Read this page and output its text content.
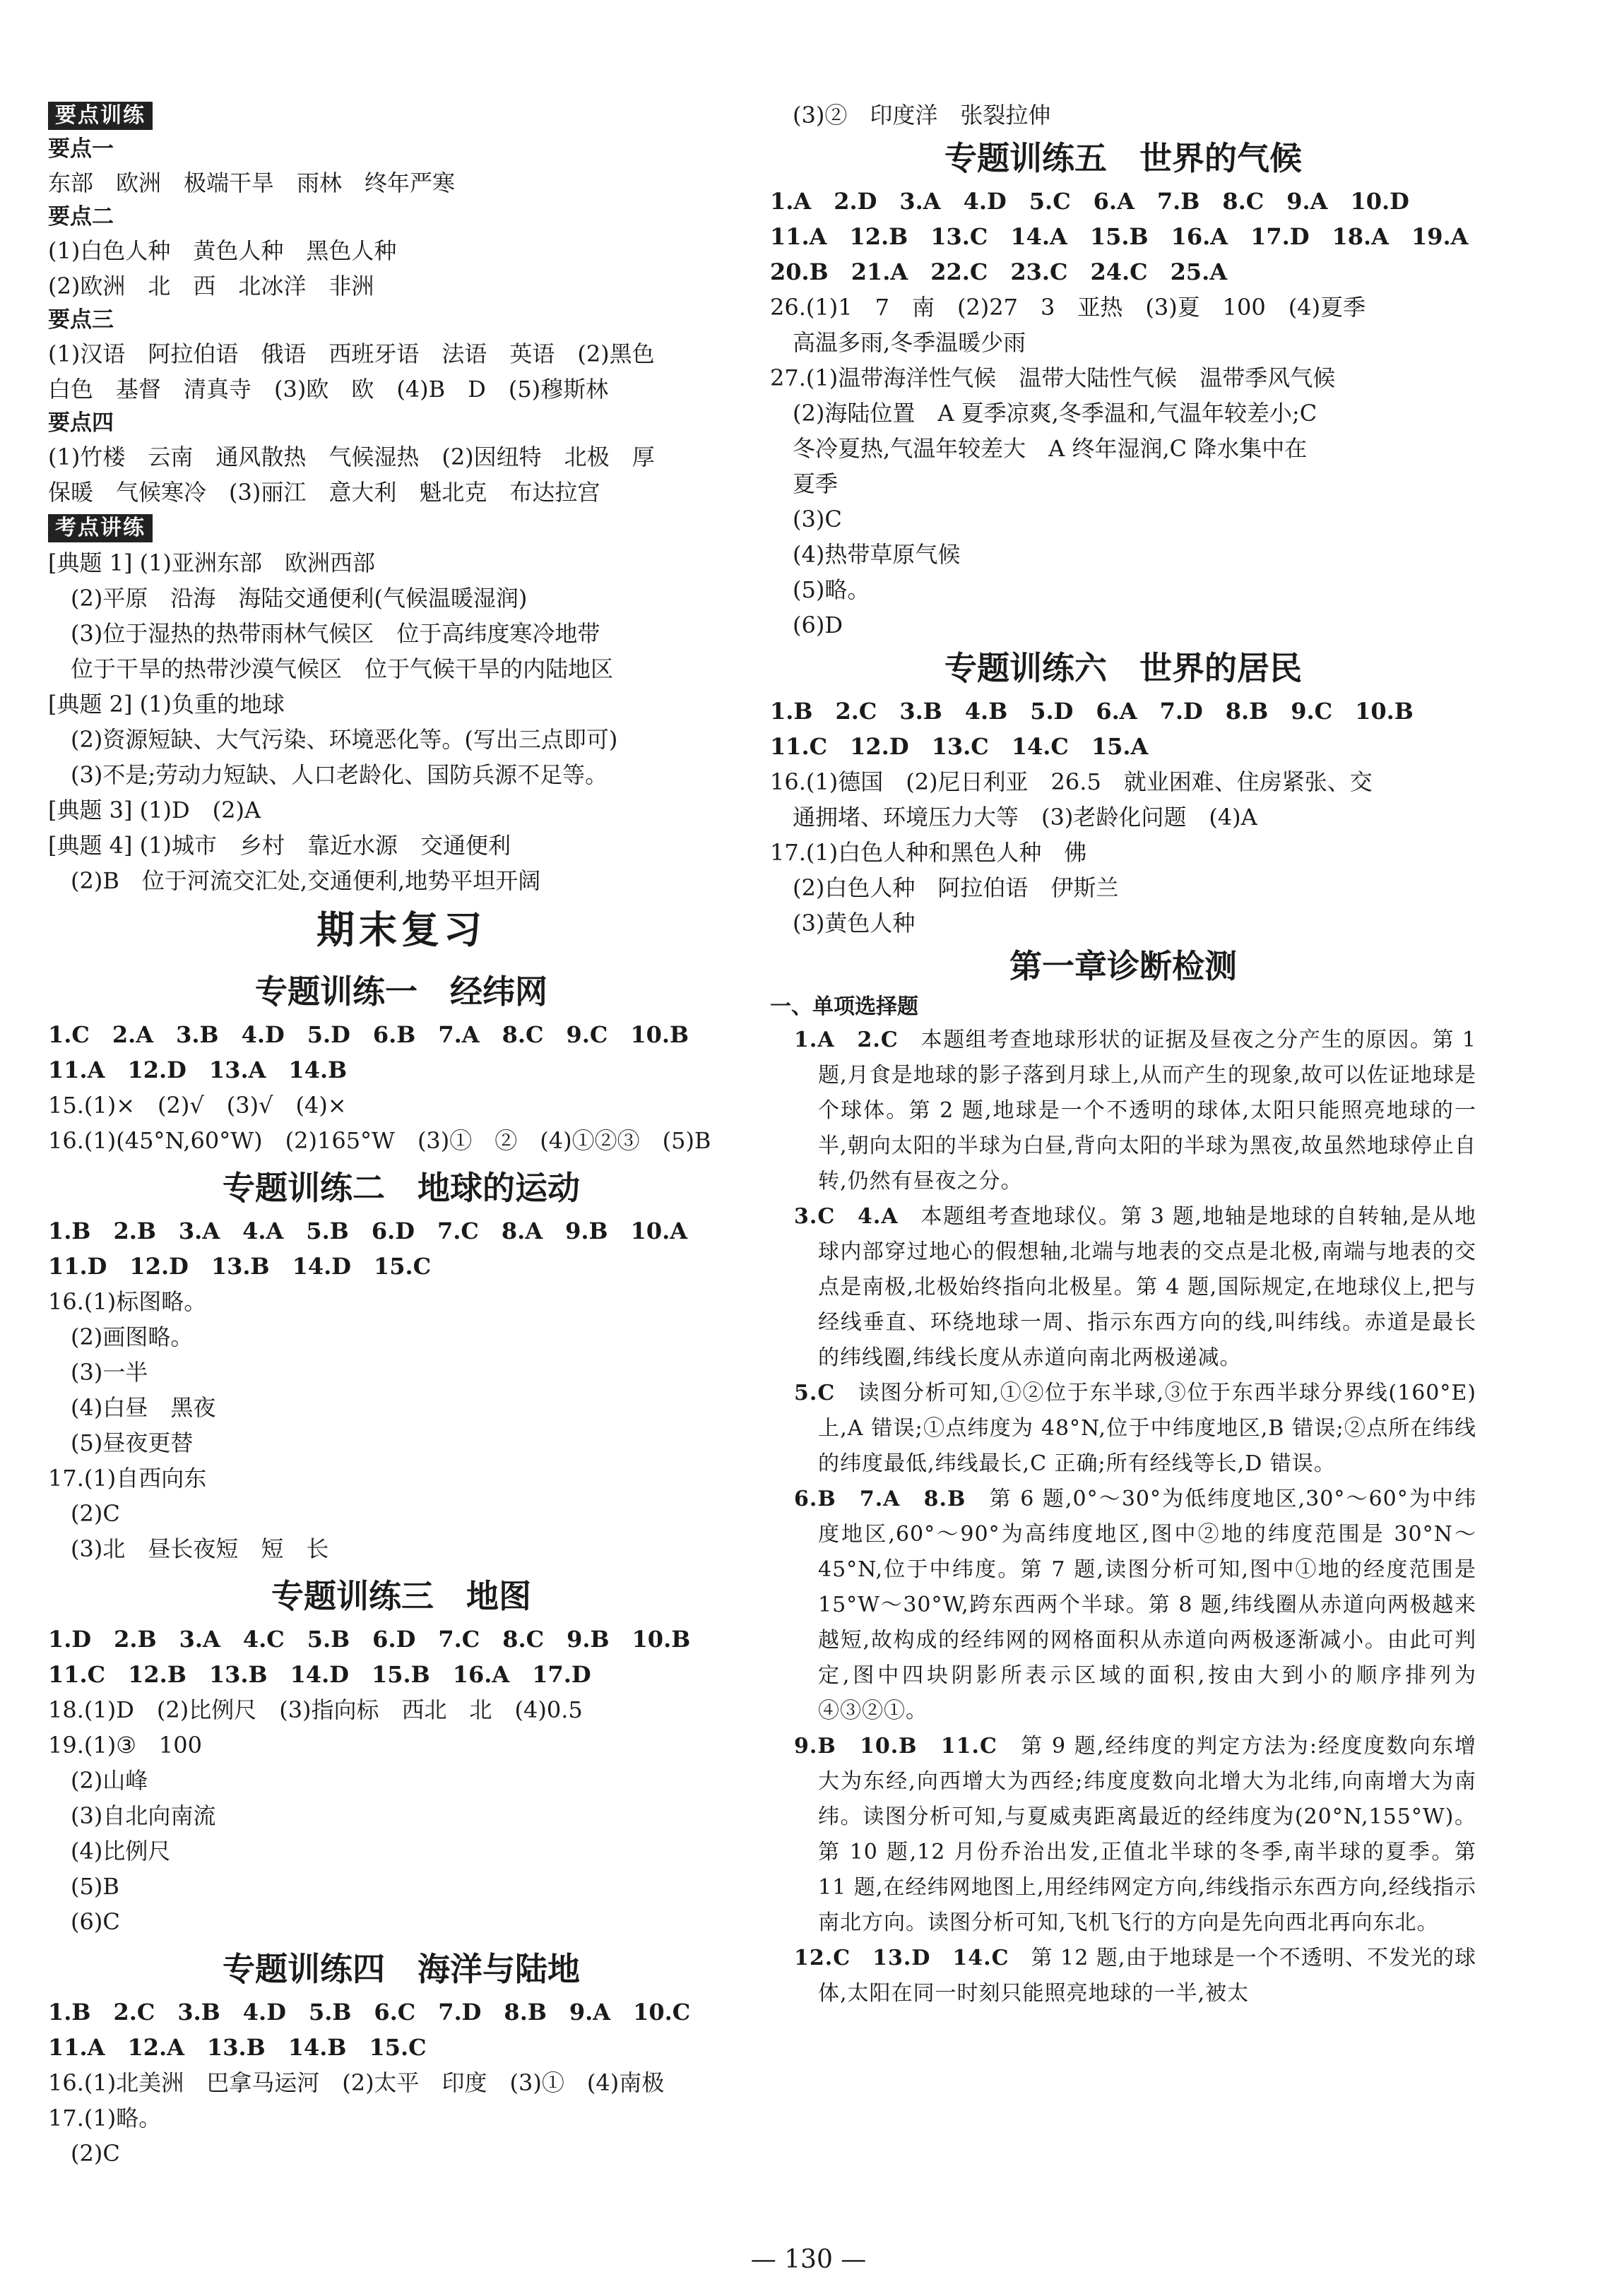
要点训练
要点一
东部　欧洲　极端干旱　雨林　终年严寒
要点二
(1)白色人种　黄色人种　黑色人种
(2)欧洲　北　西　北冰洋　非洲
要点三
(1)汉语　阿拉伯语　俄语　西班牙语　法语　英语　(2)黑色
白色　基督　清真寺　(3)欧　欧　(4)B　D　(5)穆斯林
要点四
(1)竹楼　云南　通风散热　气候湿热　(2)因纽特　北极　厚
保暖　气候寒冷　(3)丽江　意大利　魁北克　布达拉宫
考点讲练
[典题 1] (1)亚洲东部　欧洲西部
(2)平原　沿海　海陆交通便利(气候温暖湿润)
(3)位于湿热的热带雨林气候区　位于高纬度寒冷地带
位于干旱的热带沙漠气候区　位于气候干旱的内陆地区
[典题 2] (1)负重的地球
(2)资源短缺、大气污染、环境恶化等。(写出三点即可)
(3)不是;劳动力短缺、人口老龄化、国防兵源不足等。
[典题 3] (1)D　(2)A
[典题 4] (1)城市　乡村　靠近水源　交通便利
(2)B　位于河流交汇处,交通便利,地势平坦开阔
期末复习
专题训练一　经纬网
1.C　2.A　3.B　4.D　5.D　6.B　7.A　8.C　9.C　10.B
11.A　12.D　13.A　14.B
15.(1)×　(2)√　(3)√　(4)×
16.(1)(45°N,60°W)　(2)165°W　(3)①　②　(4)①②③　(5)B
专题训练二　地球的运动
1.B　2.B　3.A　4.A　5.B　6.D　7.C　8.A　9.B　10.A
11.D　12.D　13.B　14.D　15.C
16.(1)标图略。
(2)画图略。
(3)一半
(4)白昼　黑夜
(5)昼夜更替
17.(1)自西向东
(2)C
(3)北　昼长夜短　短　长
专题训练三　地图
1.D　2.B　3.A　4.C　5.B　6.D　7.C　8.C　9.B　10.B
11.C　12.B　13.B　14.D　15.B　16.A　17.D
18.(1)D　(2)比例尺　(3)指向标　西北　北　(4)0.5
19.(1)③　100
(2)山峰
(3)自北向南流
(4)比例尺
(5)B
(6)C
专题训练四　海洋与陆地
1.B　2.C　3.B　4.D　5.B　6.C　7.D　8.B　9.A　10.C
11.A　12.A　13.B　14.B　15.C
16.(1)北美洲　巴拿马运河　(2)太平　印度　(3)①　(4)南极
17.(1)略。
(2)C
(3)②　印度洋　张裂拉伸
专题训练五　世界的气候
1.A　2.D　3.A　4.D　5.C　6.A　7.B　8.C　9.A　10.D
11.A　12.B　13.C　14.A　15.B　16.A　17.D　18.A　19.A
20.B　21.A　22.C　23.C　24.C　25.A
26.(1)1　7　南　(2)27　3　亚热　(3)夏　100　(4)夏季
高温多雨,冬季温暖少雨
27.(1)温带海洋性气候　温带大陆性气候　温带季风气候
(2)海陆位置　A 夏季凉爽,冬季温和,气温年较差小;C
冬冷夏热,气温年较差大　A 终年湿润,C 降水集中在
夏季
(3)C
(4)热带草原气候
(5)略。
(6)D
专题训练六　世界的居民
1.B　2.C　3.B　4.B　5.D　6.A　7.D　8.B　9.C　10.B
11.C　12.D　13.C　14.C　15.A
16.(1)德国　(2)尼日利亚　26.5　就业困难、住房紧张、交
通拥堵、环境压力大等　(3)老龄化问题　(4)A
17.(1)白色人种和黑色人种　佛
(2)白色人种　阿拉伯语　伊斯兰
(3)黄色人种
第一章诊断检测
一、单项选择题
1.A　2.C　本题组考查地球形状的证据及昼夜之分产生的原因。第 1 题,月食是地球的影子落到月球上,从而产生的现象,故可以佐证地球是个球体。第 2 题,地球是一个不透明的球体,太阳只能照亮地球的一半,朝向太阳的半球为白昼,背向太阳的半球为黑夜,故虽然地球停止自转,仍然有昼夜之分。
3.C　4.A　本题组考查地球仪。第 3 题,地轴是地球的自转轴,是从地球内部穿过地心的假想轴,北端与地表的交点是北极,南端与地表的交点是南极,北极始终指向北极星。第 4 题,国际规定,在地球仪上,把与经线垂直、环绕地球一周、指示东西方向的线,叫纬线。赤道是最长的纬线圈,纬线长度从赤道向南北两极递减。
5.C　读图分析可知,①②位于东半球,③位于东西半球分界线(160°E)上,A 错误;①点纬度为 48°N,位于中纬度地区,B 错误;②点所在纬线的纬度最低,纬线最长,C 正确;所有经线等长,D 错误。
6.B　7.A　8.B　第 6 题,0°～30°为低纬度地区,30°～60°为中纬度地区,60°～90°为高纬度地区,图中②地的纬度范围是 30°N～45°N,位于中纬度。第 7 题,读图分析可知,图中①地的经度范围是 15°W～30°W,跨东西两个半球。第 8 题,纬线圈从赤道向两极越来越短,故构成的经纬网的网格面积从赤道向两极逐渐减小。由此可判定,图中四块阴影所表示区域的面积,按由大到小的顺序排列为④③②①。
9.B　10.B　11.C　第 9 题,经纬度的判定方法为:经度度数向东增大为东经,向西增大为西经;纬度度数向北增大为北纬,向南增大为南纬。读图分析可知,与夏威夷距离最近的经纬度为(20°N,155°W)。第 10 题,12 月份乔治出发,正值北半球的冬季,南半球的夏季。第 11 题,在经纬网地图上,用经纬网定方向,纬线指示东西方向,经线指示南北方向。读图分析可知,飞机飞行的方向是先向西北再向东北。
12.C　13.D　14.C　第 12 题,由于地球是一个不透明、不发光的球体,太阳在同一时刻只能照亮地球的一半,被太
— 130 —
